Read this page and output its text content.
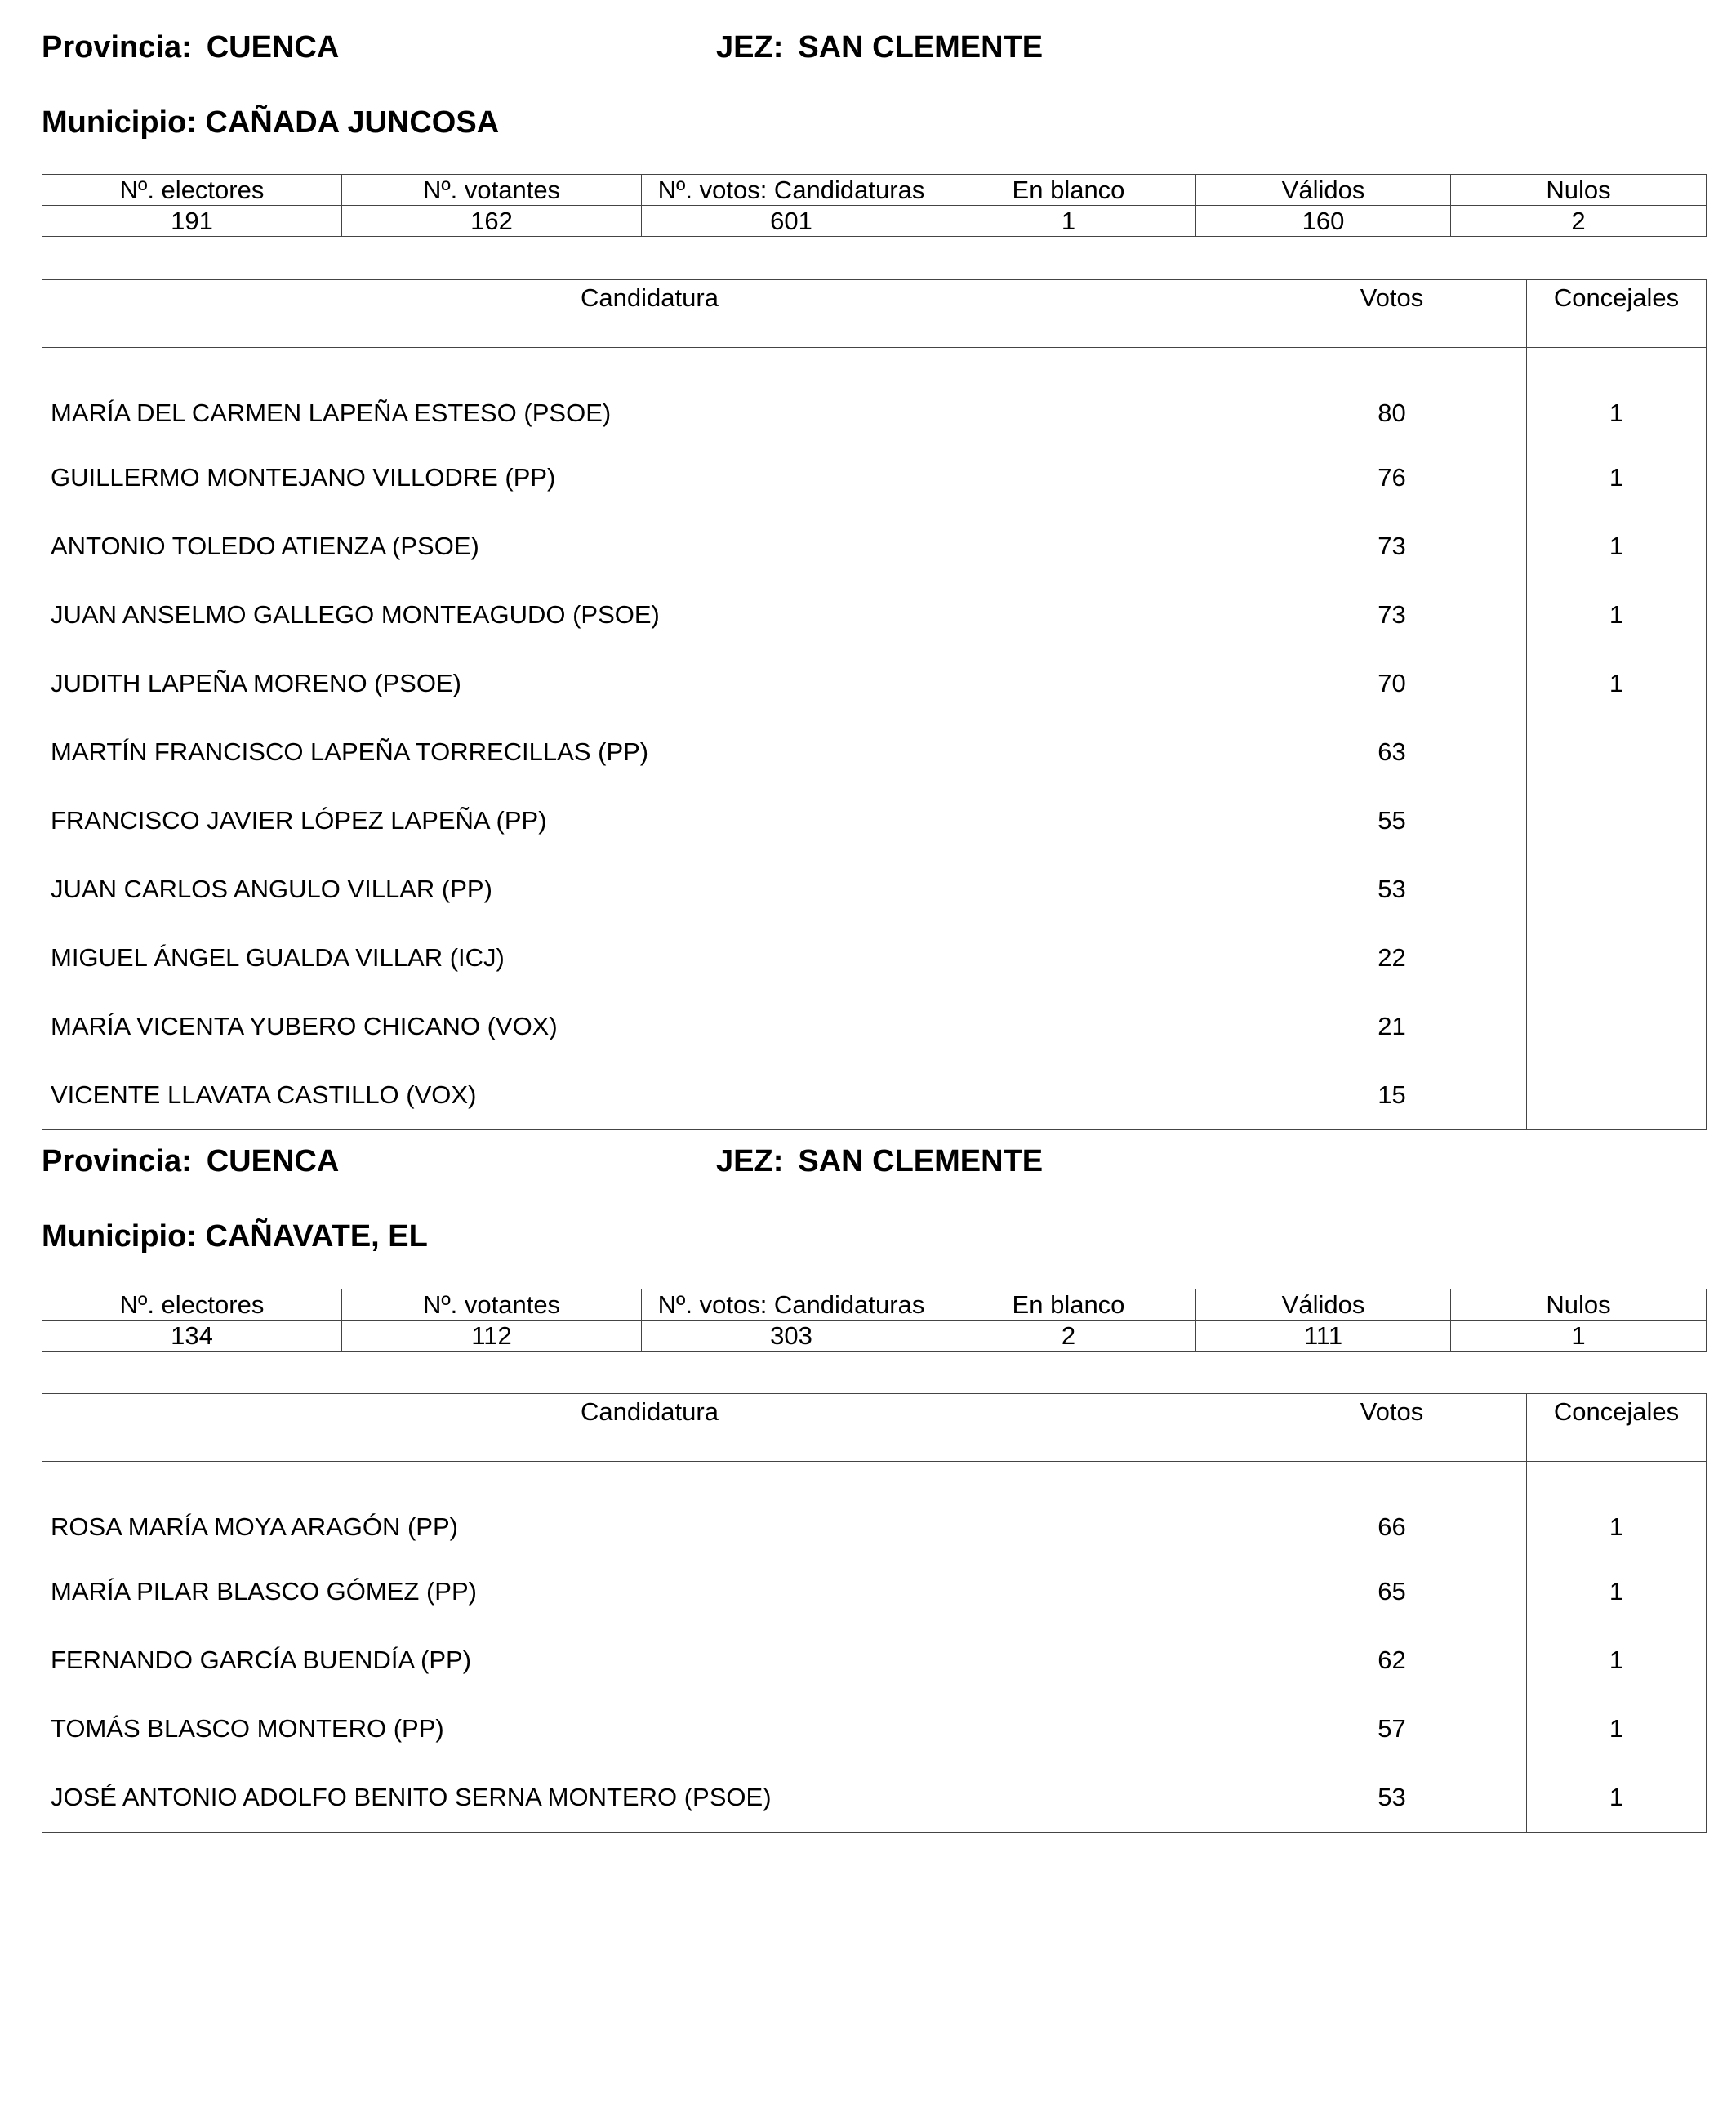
Provincia: CUENCA	JEZ: SAN CLEMENTE
Municipio: CAÑADA JUNCOSA
Nº. electores	Nº. votantes	Nº. votos: Candidaturas	En blanco	Válidos	Nulos
191	162	601	1	160	2
Candidatura	Votos	Concejales
MARÍA DEL CARMEN LAPEÑA ESTESO (PSOE)	80	1
GUILLERMO MONTEJANO VILLODRE (PP)	76	1
ANTONIO TOLEDO ATIENZA (PSOE)	73	1
JUAN ANSELMO GALLEGO MONTEAGUDO (PSOE)	73	1
JUDITH LAPEÑA MORENO (PSOE)	70	1
MARTÍN FRANCISCO LAPEÑA TORRECILLAS (PP)	63	
FRANCISCO JAVIER LÓPEZ LAPEÑA (PP)	55	
JUAN CARLOS ANGULO VILLAR (PP)	53	
MIGUEL ÁNGEL GUALDA VILLAR (ICJ)	22	
MARÍA VICENTA YUBERO CHICANO (VOX)	21	
VICENTE LLAVATA CASTILLO (VOX)	15	
Provincia: CUENCA	JEZ: SAN CLEMENTE
Municipio: CAÑAVATE, EL
Nº. electores	Nº. votantes	Nº. votos: Candidaturas	En blanco	Válidos	Nulos
134	112	303	2	111	1
Candidatura	Votos	Concejales
ROSA MARÍA MOYA ARAGÓN (PP)	66	1
MARÍA PILAR BLASCO GÓMEZ (PP)	65	1
FERNANDO GARCÍA BUENDÍA (PP)	62	1
TOMÁS BLASCO MONTERO (PP)	57	1
JOSÉ ANTONIO ADOLFO BENITO SERNA MONTERO (PSOE)	53	1
